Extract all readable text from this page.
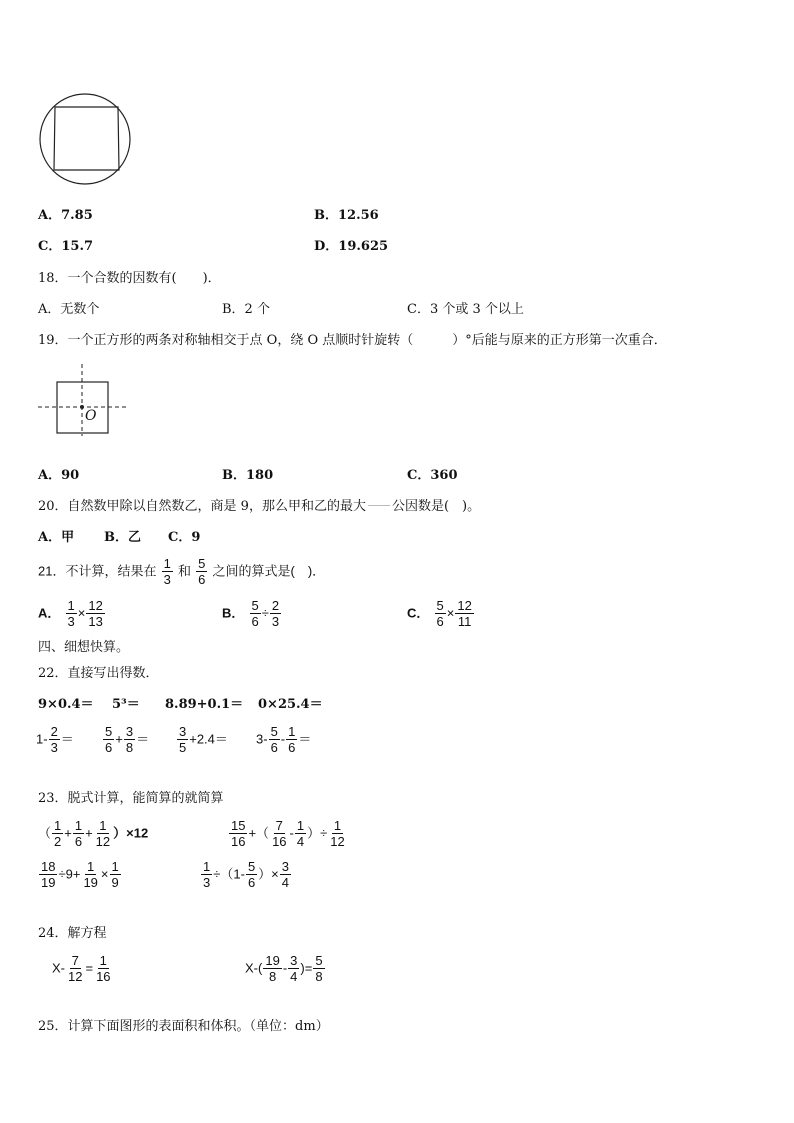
A．7.85	B．12.56
C．15.7	D．19.625
18．一个合数的因数有(　　)．
A．无数个	B．2 个	C．3 个或 3 个以上
19．一个正方形的两条对称轴相交于点 O，绕 O 点顺时针旋转（　　　）°后能与原来的正方形第一次重合．
O
A．90	B．180	C．360
20．自然数甲除以自然数乙，商是 9，那么甲和乙的最大 公因数是(　)。
A．甲 B．乙 C．9
21．不计算，结果在 $\frac{1}{3}$ 和 $\frac{5}{6}$ 之间的算式是(　)．
A． $\frac{1}{3} \times \frac{12}{13}$	B． $\frac{5}{6} \div \frac{2}{3}$	C． $\frac{5}{6} \times \frac{12}{11}$
四、细想快算。
22．直接写出得数．
9×0.4＝ 5³＝ 8.89+0.1＝ 0×25.4＝
$1- \frac{2}{3} = \frac{5}{6} + \frac{3}{8} = \frac{3}{5} +2.4= 3- \frac{5}{6} - \frac{1}{6}$ ＝
23．脱式计算，能简算的就简算
（ $\frac{1}{2} + \frac{1}{6} + \frac{1}{12} )\times 12$	$\frac{15}{16}$ +（ $\frac{7}{16} - \frac{1}{4}$ ）÷ $\frac{1}{12}$
$\frac{18}{19} \div 9+ \frac{1}{19} \times \frac{1}{9}$	$\frac{1}{3} \div(1- \frac{5}{6}$ ）× $\frac{3}{4}$
24．解方程
$X- \frac{7}{12} = \frac{1}{16}$	$X-( \frac{19}{8} - \frac{3}{4}$ )= $\frac{5}{8}$
25．计算下面图形的表面积和体积。（单位：dm）
